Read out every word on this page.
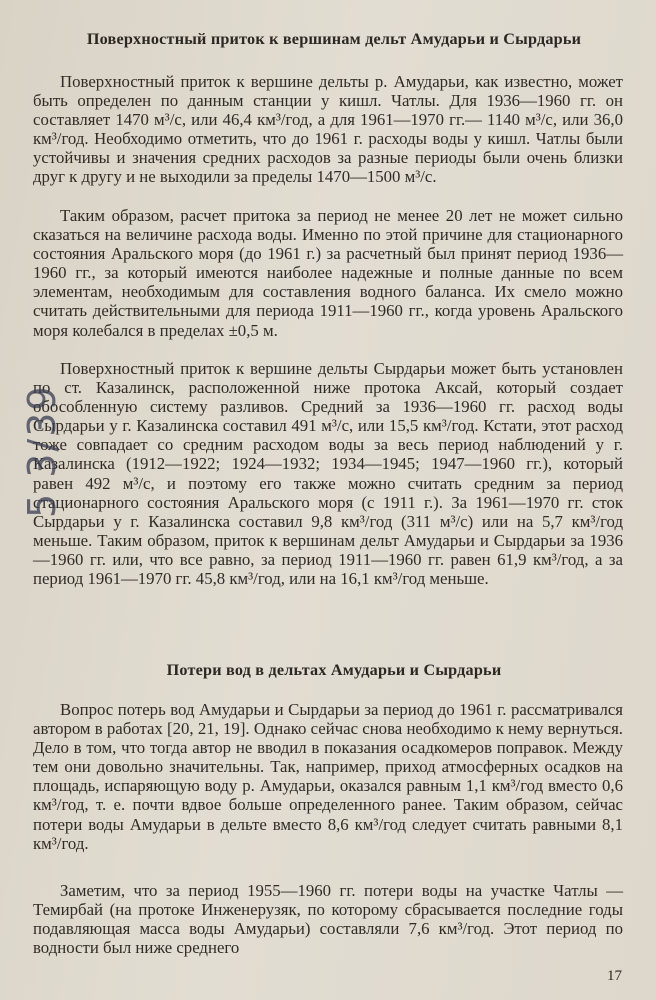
Поверхностный приток к вершинам дельт Амударьи и Сырдарьи

Поверхностный приток к вершине дельты р. Амударьи, как известно, может быть определен по данным станции у кишл. Чатлы. Для 1936—1960 гг. он составляет 1470 м³/с, или 46,4 км³/год, а для 1961—1970 гг.— 1140 м³/с, или 36,0 км³/год. Необходимо отметить, что до 1961 г. расходы воды у кишл. Чатлы были устойчивы и значения средних расходов за разные периоды были очень близки друг к другу и не выходили за пределы 1470—1500 м³/с.

Таким образом, расчет притока за период не менее 20 лет не может сильно сказаться на величине расхода воды. Именно по этой причине для стационарного состояния Аральского моря (до 1961 г.) за расчетный был принят период 1936—1960 гг., за который имеются наиболее надежные и полные данные по всем элементам, необходимым для составления водного баланса. Их смело можно считать действительными для периода 1911—1960 гг., когда уровень Аральского моря колебался в пределах ±0,5 м.

Поверхностный приток к вершине дельты Сырдарьи может быть установлен по ст. Казалинск, расположенной ниже протока Аксай, который создает обособленную систему разливов. Средний за 1936—1960 гг. расход воды Сырдарьи у г. Казалинска составил 491 м³/с, или 15,5 км³/год. Кстати, этот расход тоже совпадает со средним расходом воды за весь период наблюдений у г. Казалинска (1912—1922; 1924—1932; 1934—1945; 1947—1960 гг.), который равен 492 м³/с, и поэтому его также можно считать средним за период стационарного состояния Аральского моря (с 1911 г.). За 1961—1970 гг. сток Сырдарьи у г. Казалинска составил 9,8 км³/год (311 м³/с) или на 5,7 км³/год меньше. Таким образом, приток к вершинам дельт Амударьи и Сырдарьи за 1936—1960 гг. или, что все равно, за период 1911—1960 гг. равен 61,9 км³/год, а за период 1961—1970 гг. 45,8 км³/год, или на 16,1 км³/год меньше.

Потери вод в дельтах Амударьи и Сырдарьи

Вопрос потерь вод Амударьи и Сырдарьи за период до 1961 г. рассматривался автором в работах [20, 21, 19]. Однако сейчас снова необходимо к нему вернуться. Дело в том, что тогда автор не вводил в показания осадкомеров поправок. Между тем они довольно значительны. Так, например, приход атмосферных осадков на площадь, испаряющую воду р. Амударьи, оказался равным 1,1 км³/год вместо 0,6 км³/год, т. е. почти вдвое больше определенного ранее. Таким образом, сейчас потери воды Амударьи в дельте вместо 8,6 км³/год следует считать равными 8,1 км³/год.

Заметим, что за период 1955—1960 гг. потери воды на участке Чатлы — Темирбай (на протоке Инженерузяк, по которому сбрасывается последние годы подавляющая масса воды Амударьи) составляли 7,6 км³/год. Этот период по водности был ниже среднего

5 3/39
17
